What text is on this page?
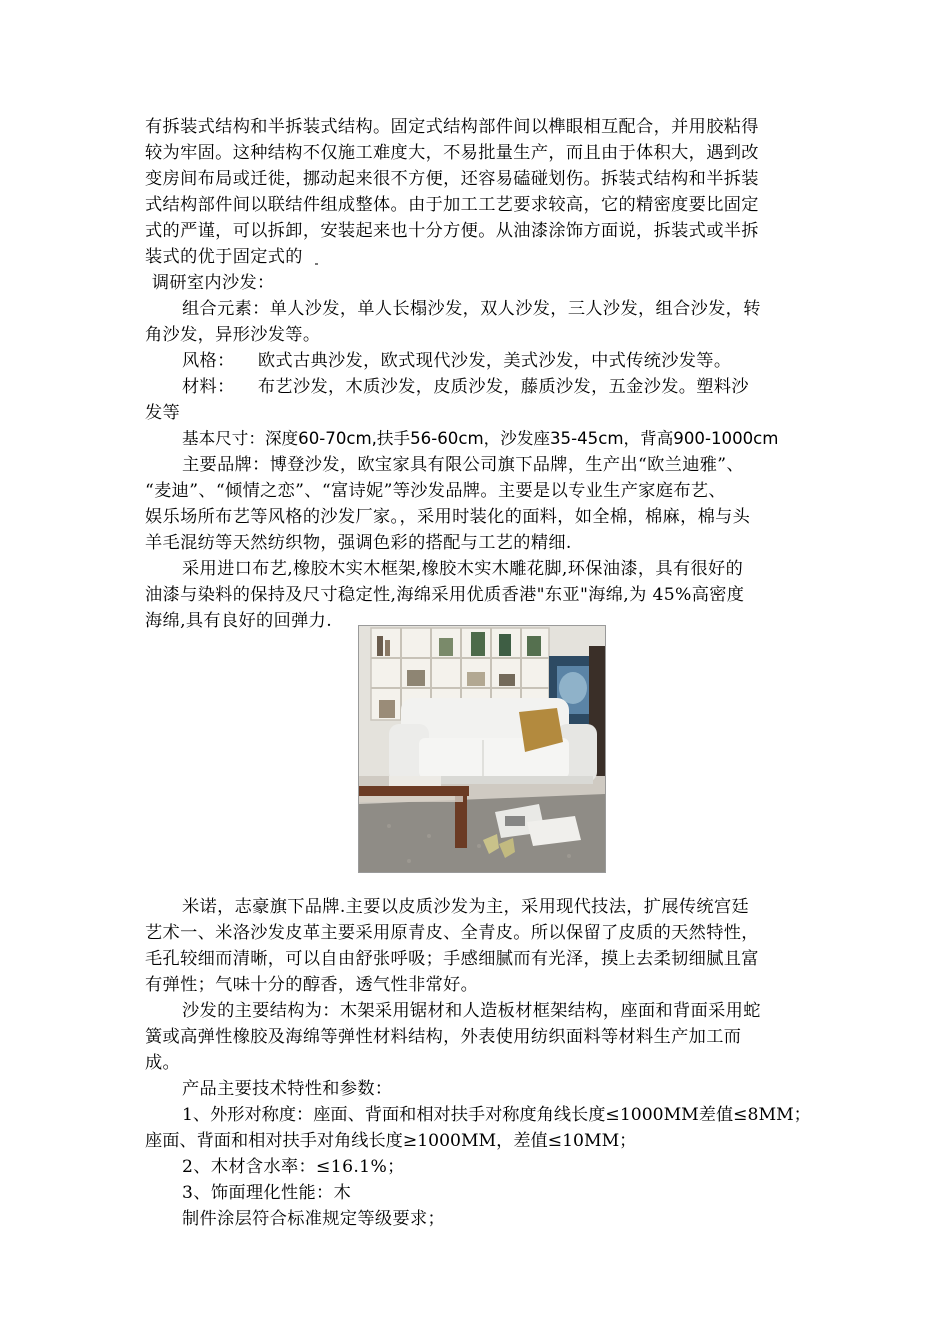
有拆装式结构和半拆装式结构。固定式结构部件间以榫眼相互配合，并用胶粘得
较为牢固。这种结构不仅施工难度大，不易批量生产，而且由于体积大，遇到改
变房间布局或迁徙，挪动起来很不方便，还容易磕碰划伤。拆装式结构和半拆装
式结构部件间以联结件组成整体。由于加工工艺要求较高，它的精密度要比固定
式的严谨，可以拆卸，安装起来也十分方便。从油漆涂饰方面说，拆装式或半拆
装式的优于固定式的
调研室内沙发：
组合元素：单人沙发，单人长榻沙发，双人沙发，三人沙发，组合沙发，转
角沙发，异形沙发等。
风格：    欧式古典沙发，欧式现代沙发，美式沙发，中式传统沙发等。
材料：    布艺沙发，木质沙发，皮质沙发，藤质沙发，五金沙发。塑料沙
发等
基本尺寸：深度60-70cm,扶手56-60cm，沙发座35-45cm，背高900-1000cm
主要品牌：博登沙发，欧宝家具有限公司旗下品牌，生产出“欧兰迪雅”、
“麦迪”、“倾情之恋”、“富诗妮”等沙发品牌。主要是以专业生产家庭布艺、
娱乐场所布艺等风格的沙发厂家。，采用时装化的面料，如全棉，棉麻，棉与头
羊毛混纺等天然纺织物，强调色彩的搭配与工艺的精细.
采用进口布艺,橡胶木实木框架,橡胶木实木雕花脚,环保油漆，具有很好的
油漆与染料的保持及尺寸稳定性,海绵采用优质香港"东亚"海绵,为 45%高密度
海绵,具有良好的回弹力.
米诺，志豪旗下品牌.主要以皮质沙发为主，采用现代技法，扩展传统宫廷
艺术一、米洛沙发皮革主要采用原青皮、全青皮。所以保留了皮质的天然特性，
毛孔较细而清晰，可以自由舒张呼吸；手感细腻而有光泽，摸上去柔韧细腻且富
有弹性；气味十分的醇香，透气性非常好。
沙发的主要结构为：木架采用锯材和人造板材框架结构，座面和背面采用蛇
簧或高弹性橡胶及海绵等弹性材料结构，外表使用纺织面料等材料生产加工而
成。
产品主要技术特性和参数：
1、外形对称度：座面、背面和相对扶手对称度角线长度≤1000MM差值≤8MM；
座面、背面和相对扶手对角线长度≥1000MM，差值≤10MM；
2、木材含水率：≤16.1%；
3、饰面理化性能：木
制件涂层符合标准规定等级要求；
